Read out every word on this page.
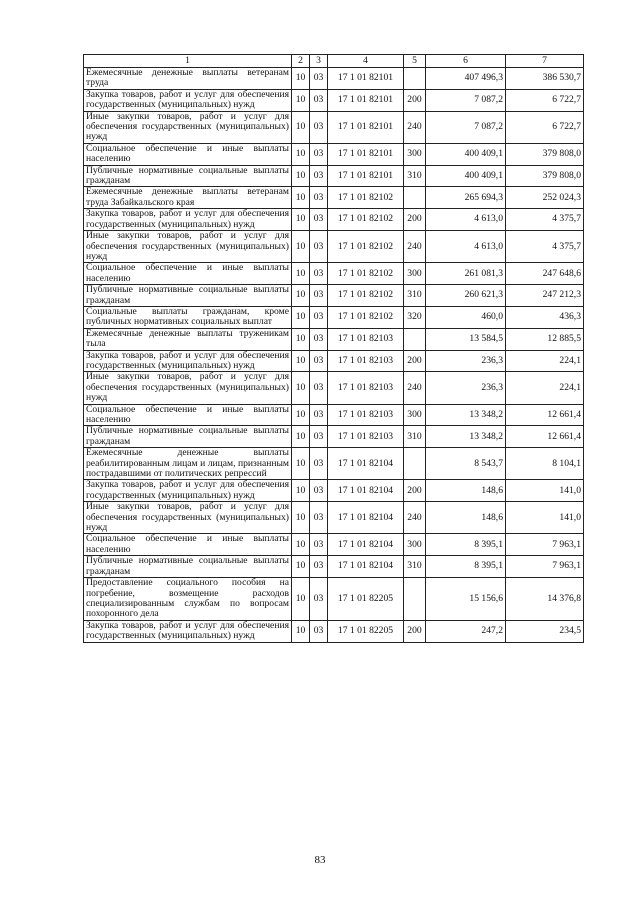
1	2	3	4	5	6	7
Ежемесячные денежные выплаты ветеранам труда	10	03	17 1 01 82101		407 496,3	386 530,7
Закупка товаров, работ и услуг для обеспечения государственных (муниципальных) нужд	10	03	17 1 01 82101	200	7 087,2	6 722,7
Иные закупки товаров, работ и услуг для обеспечения государственных (муниципальных) нужд	10	03	17 1 01 82101	240	7 087,2	6 722,7
Социальное обеспечение и иные выплаты населению	10	03	17 1 01 82101	300	400 409,1	379 808,0
Публичные нормативные социальные выплаты гражданам	10	03	17 1 01 82101	310	400 409,1	379 808,0
Ежемесячные денежные выплаты ветеранам труда Забайкальского края	10	03	17 1 01 82102		265 694,3	252 024,3
Закупка товаров, работ и услуг для обеспечения государственных (муниципальных) нужд	10	03	17 1 01 82102	200	4 613,0	4 375,7
Иные закупки товаров, работ и услуг для обеспечения государственных (муниципальных) нужд	10	03	17 1 01 82102	240	4 613,0	4 375,7
Социальное обеспечение и иные выплаты населению	10	03	17 1 01 82102	300	261 081,3	247 648,6
Публичные нормативные социальные выплаты гражданам	10	03	17 1 01 82102	310	260 621,3	247 212,3
Социальные выплаты гражданам, кроме публичных нормативных социальных выплат	10	03	17 1 01 82102	320	460,0	436,3
Ежемесячные денежные выплаты труженикам тыла	10	03	17 1 01 82103		13 584,5	12 885,5
Закупка товаров, работ и услуг для обеспечения государственных (муниципальных) нужд	10	03	17 1 01 82103	200	236,3	224,1
Иные закупки товаров, работ и услуг для обеспечения государственных (муниципальных) нужд	10	03	17 1 01 82103	240	236,3	224,1
Социальное обеспечение и иные выплаты населению	10	03	17 1 01 82103	300	13 348,2	12 661,4
Публичные нормативные социальные выплаты гражданам	10	03	17 1 01 82103	310	13 348,2	12 661,4
Ежемесячные денежные выплаты реабилитированным лицам и лицам, признанным пострадавшими от политических репрессий	10	03	17 1 01 82104		8 543,7	8 104,1
Закупка товаров, работ и услуг для обеспечения государственных (муниципальных) нужд	10	03	17 1 01 82104	200	148,6	141,0
Иные закупки товаров, работ и услуг для обеспечения государственных (муниципальных) нужд	10	03	17 1 01 82104	240	148,6	141,0
Социальное обеспечение и иные выплаты населению	10	03	17 1 01 82104	300	8 395,1	7 963,1
Публичные нормативные социальные выплаты гражданам	10	03	17 1 01 82104	310	8 395,1	7 963,1
Предоставление социального пособия на погребение, возмещение расходов специализированным службам по вопросам похоронного дела	10	03	17 1 01 82205		15 156,6	14 376,8
Закупка товаров, работ и услуг для обеспечения государственных (муниципальных) нужд	10	03	17 1 01 82205	200	247,2	234,5
83
